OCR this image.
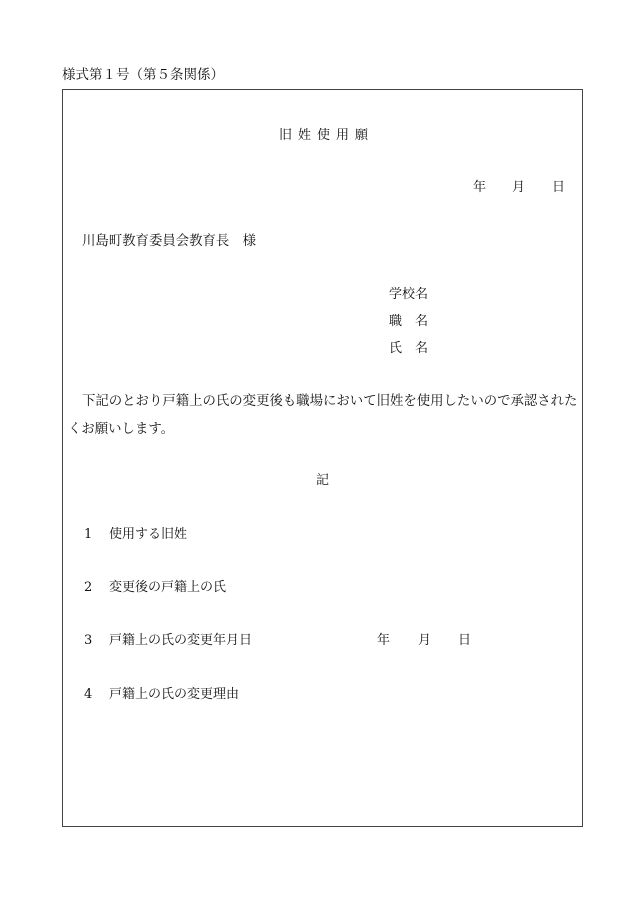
様式第１号（第５条関係）
旧姓使用願
年 月 日
川島町教育委員会教育長　様
学校名
職　名
氏　名
下記のとおり戸籍上の氏の変更後も職場において旧姓を使用したいので承認された
くお願いします。
記
1 使用する旧姓
2 変更後の戸籍上の氏
3 戸籍上の氏の変更年月日	年 月 日
4 戸籍上の氏の変更理由
